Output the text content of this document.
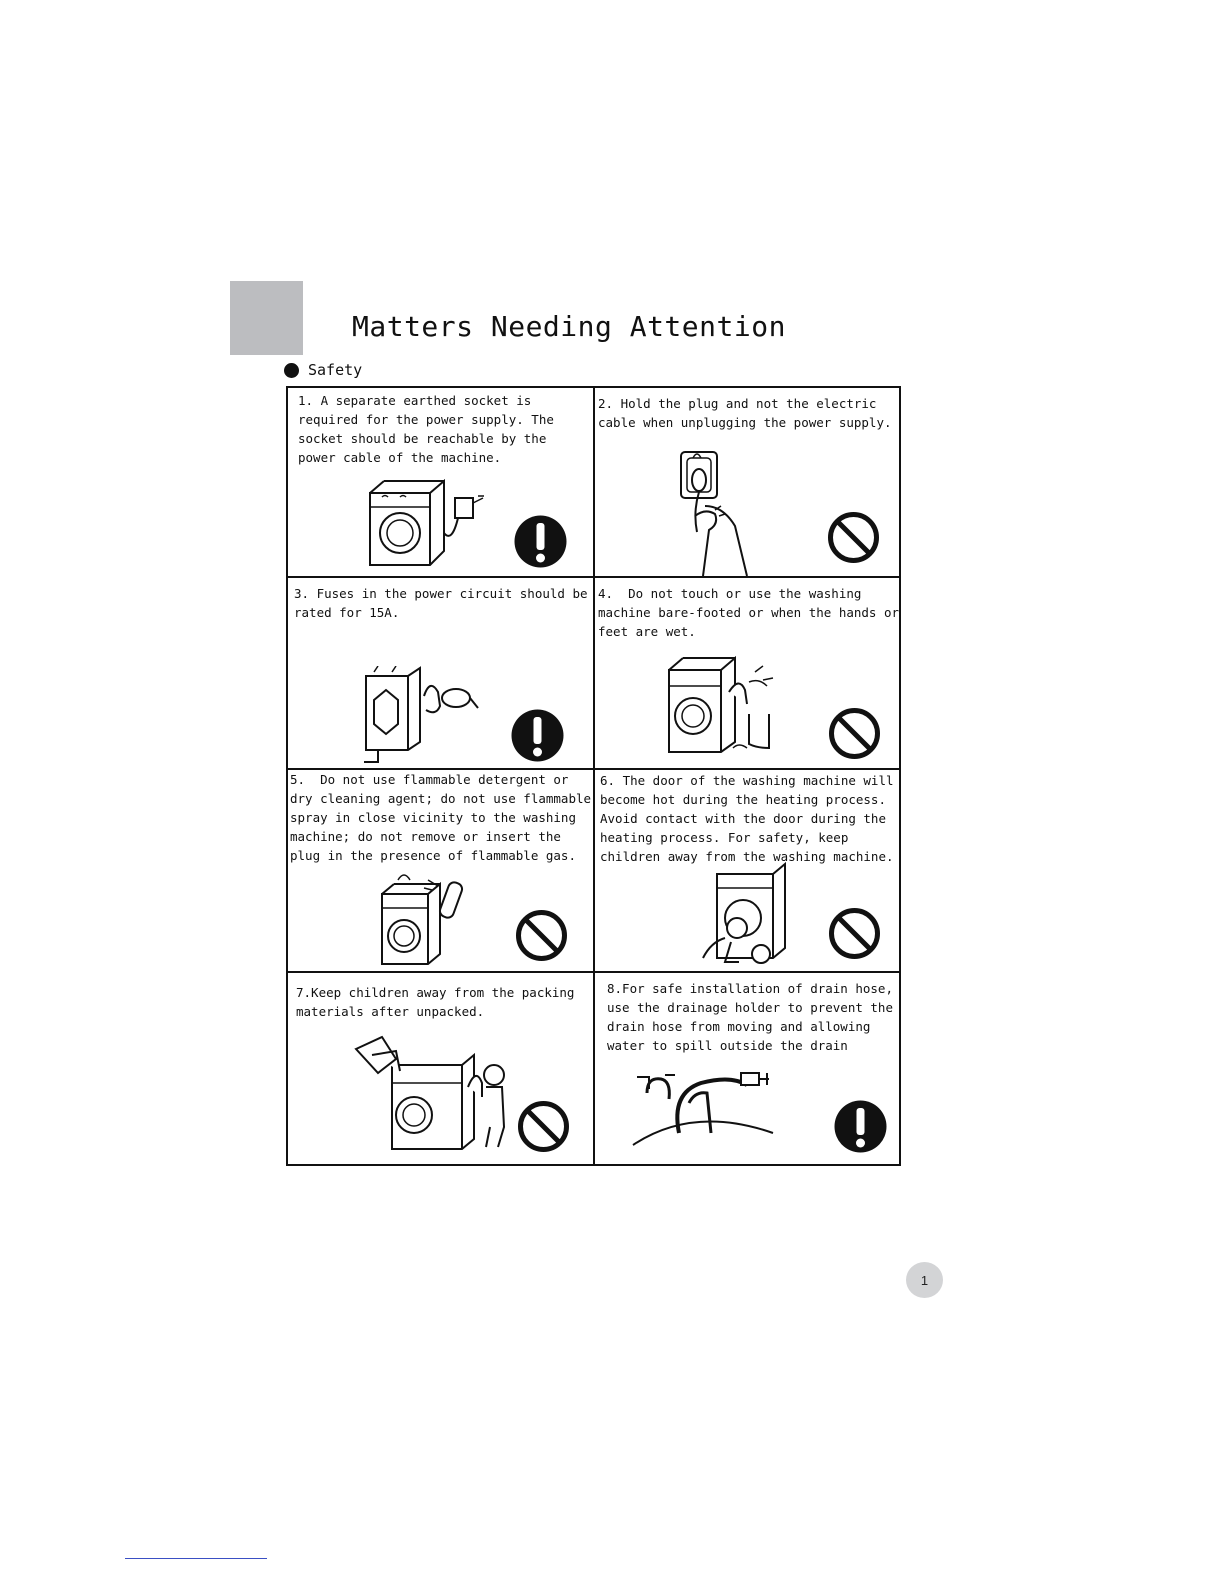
Matters Needing Attention
Safety
1. A separate earthed socket is
required for the power supply. The
socket should be reachable by the
power cable of the machine.
2. Hold the plug and not the electric
cable when unplugging the power supply.
3. Fuses in the power circuit should be
rated for 15A.
4.  Do not touch or use the washing
machine bare-footed or when the hands or
feet are wet.
5.  Do not use flammable detergent or
dry cleaning agent; do not use flammable
spray in close vicinity to the washing
machine; do not remove or insert the
plug in the presence of flammable gas.
6. The door of the washing machine will
become hot during the heating process.
Avoid contact with the door during the
heating process. For safety, keep
children away from the washing machine.
7.Keep children away from the packing
materials after unpacked.
8.For safe installation of drain hose,
use the drainage holder to prevent the
drain hose from moving and allowing
water to spill outside the drain
1
